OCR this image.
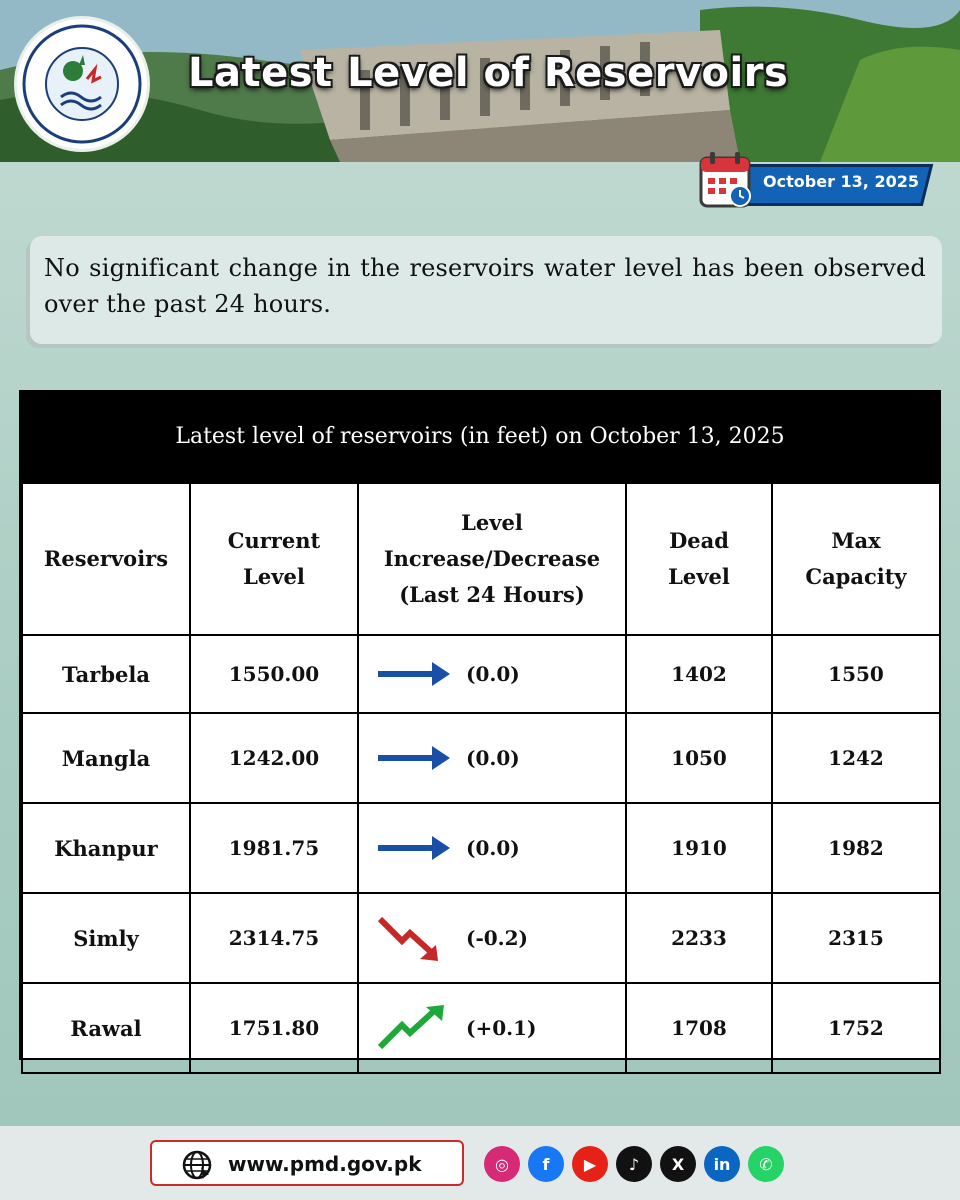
Latest Level of Reservoirs
October 13, 2025

No significant change in the reservoirs water level has been observed over the past 24 hours.

Latest level of reservoirs (in feet) on October 13, 2025
Reservoirs	Current Level	Level Increase/Decrease (Last 24 Hours)	Dead Level	Max Capacity
Tarbela	1550.00	(0.0)	1402	1550
Mangla	1242.00	(0.0)	1050	1242
Khanpur	1981.75	(0.0)	1910	1982
Simly	2314.75	(-0.2)	2233	2315
Rawal	1751.80	(+0.1)	1708	1752
www.pmd.gov.pk	◎	f	▶	♪	X	in	✆
